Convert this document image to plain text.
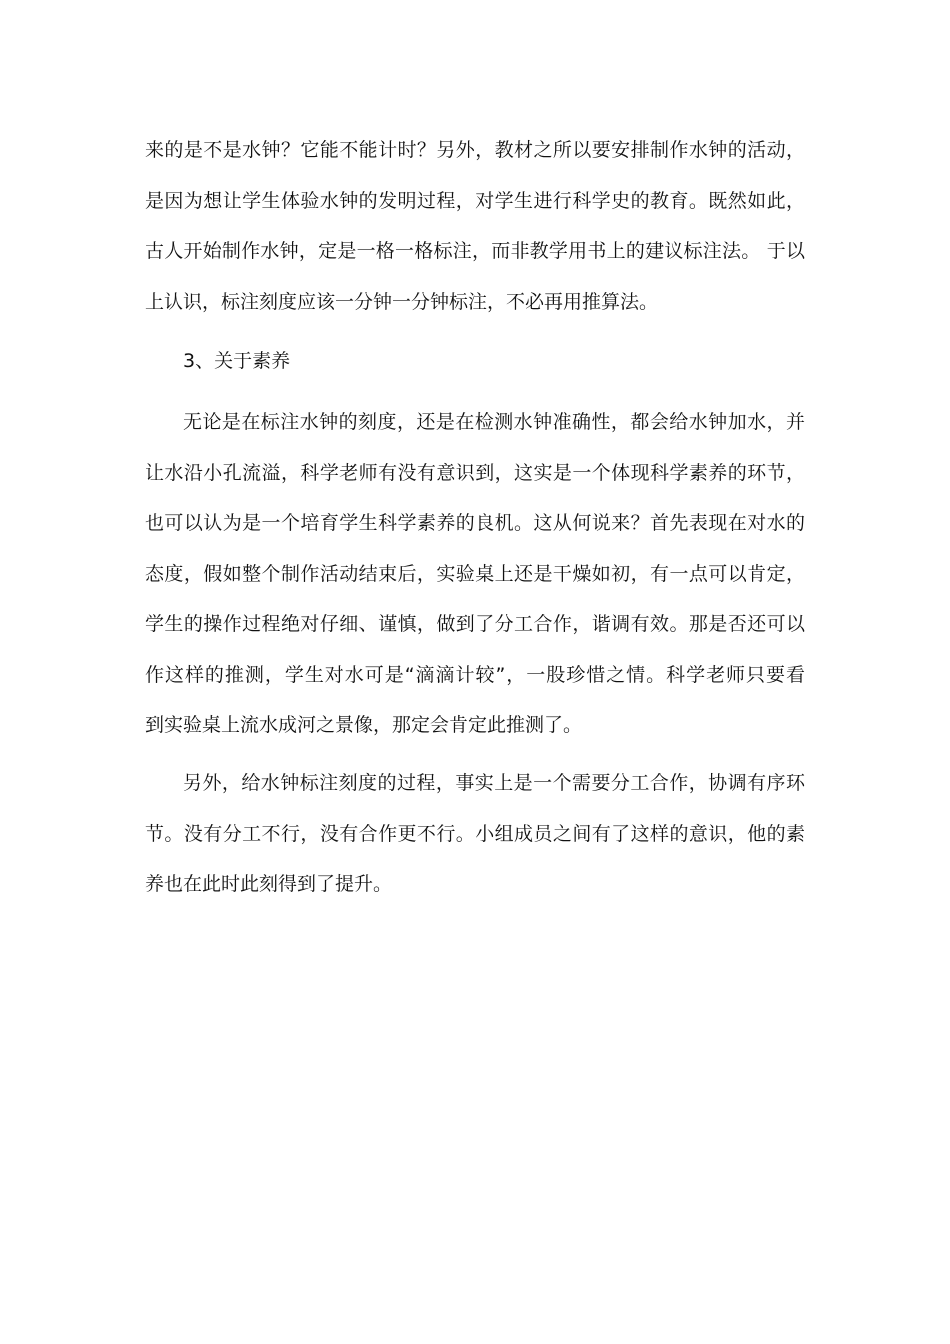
来的是不是水钟？它能不能计时？另外，教材之所以要安排制作水钟的活动，
是因为想让学生体验水钟的发明过程，对学生进行科学史的教育。既然如此，
古人开始制作水钟，定是一格一格标注，而非教学用书上的建议标注法。 于以
上认识，标注刻度应该一分钟一分钟标注，不必再用推算法。
3、关于素养
无论是在标注水钟的刻度，还是在检测水钟准确性，都会给水钟加水，并
让水沿小孔流溢，科学老师有没有意识到，这实是一个体现科学素养的环节，
也可以认为是一个培育学生科学素养的良机。这从何说来？首先表现在对水的
态度，假如整个制作活动结束后，实验桌上还是干燥如初，有一点可以肯定，
学生的操作过程绝对仔细、谨慎，做到了分工合作，谐调有效。那是否还可以
作这样的推测，学生对水可是“滴滴计较”，一股珍惜之情。科学老师只要看
到实验桌上流水成河之景像，那定会肯定此推测了。
另外，给水钟标注刻度的过程，事实上是一个需要分工合作，协调有序环
节。没有分工不行，没有合作更不行。小组成员之间有了这样的意识，他的素
养也在此时此刻得到了提升。
